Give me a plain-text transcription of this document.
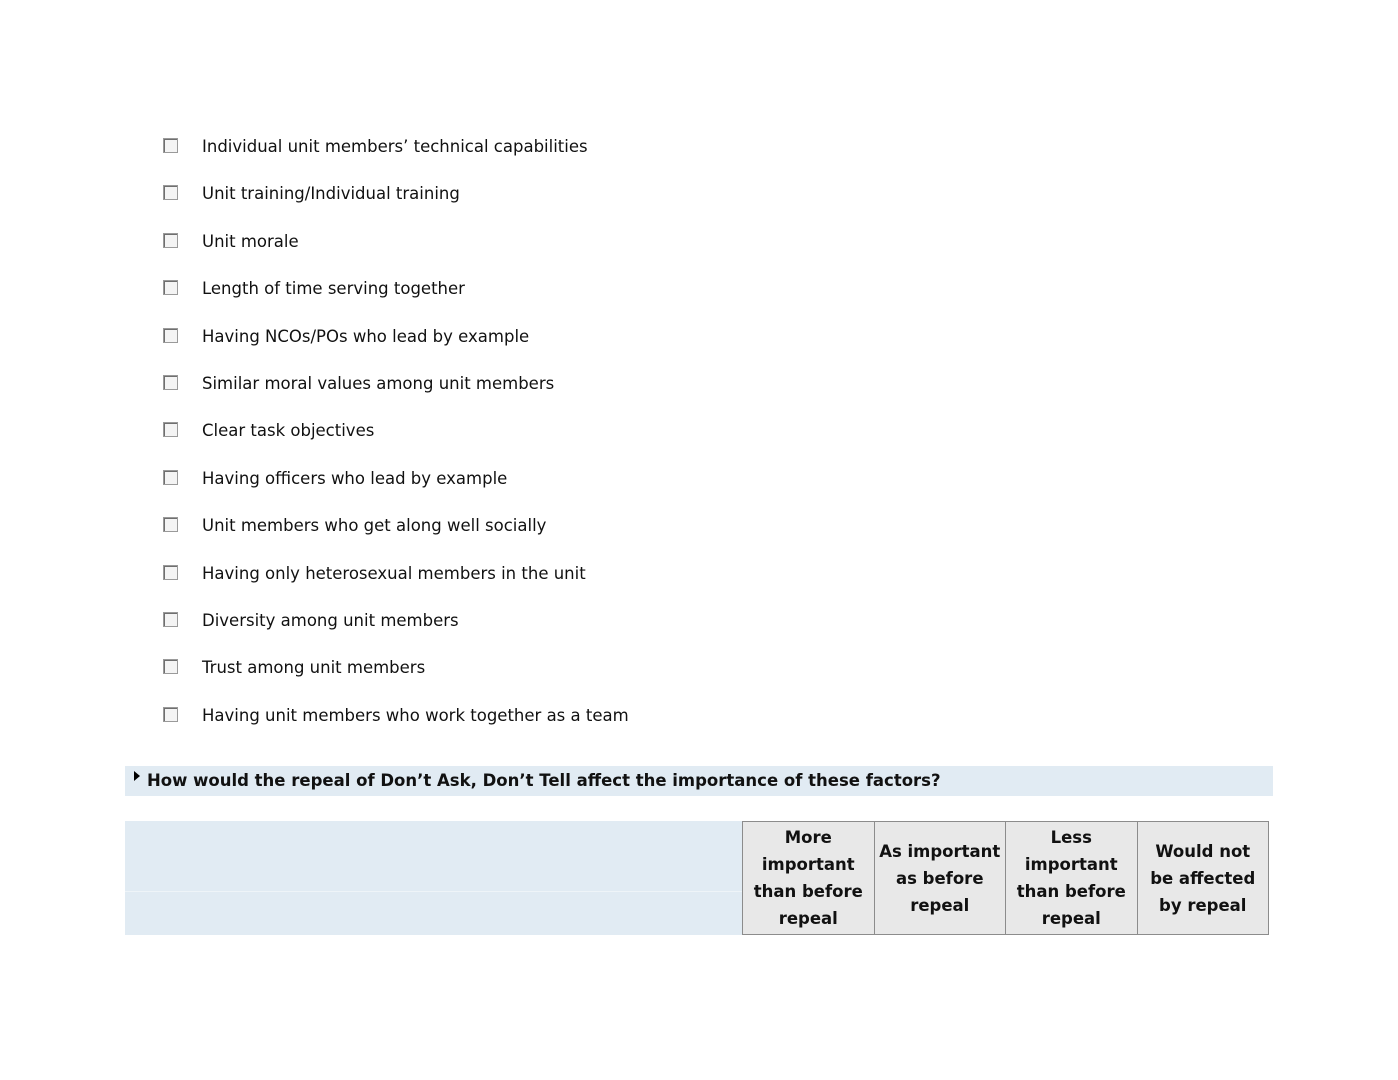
Individual unit members’ technical capabilities
Unit training/Individual training
Unit morale
Length of time serving together
Having NCOs/POs who lead by example
Similar moral values among unit members
Clear task objectives
Having officers who lead by example
Unit members who get along well socially
Having only heterosexual members in the unit
Diversity among unit members
Trust among unit members
Having unit members who work together as a team
How would the repeal of Don’t Ask, Don’t Tell affect the importance of these factors?
More important than before repeal
As important as before repeal
Less important than before repeal
Would not be affected by repeal
